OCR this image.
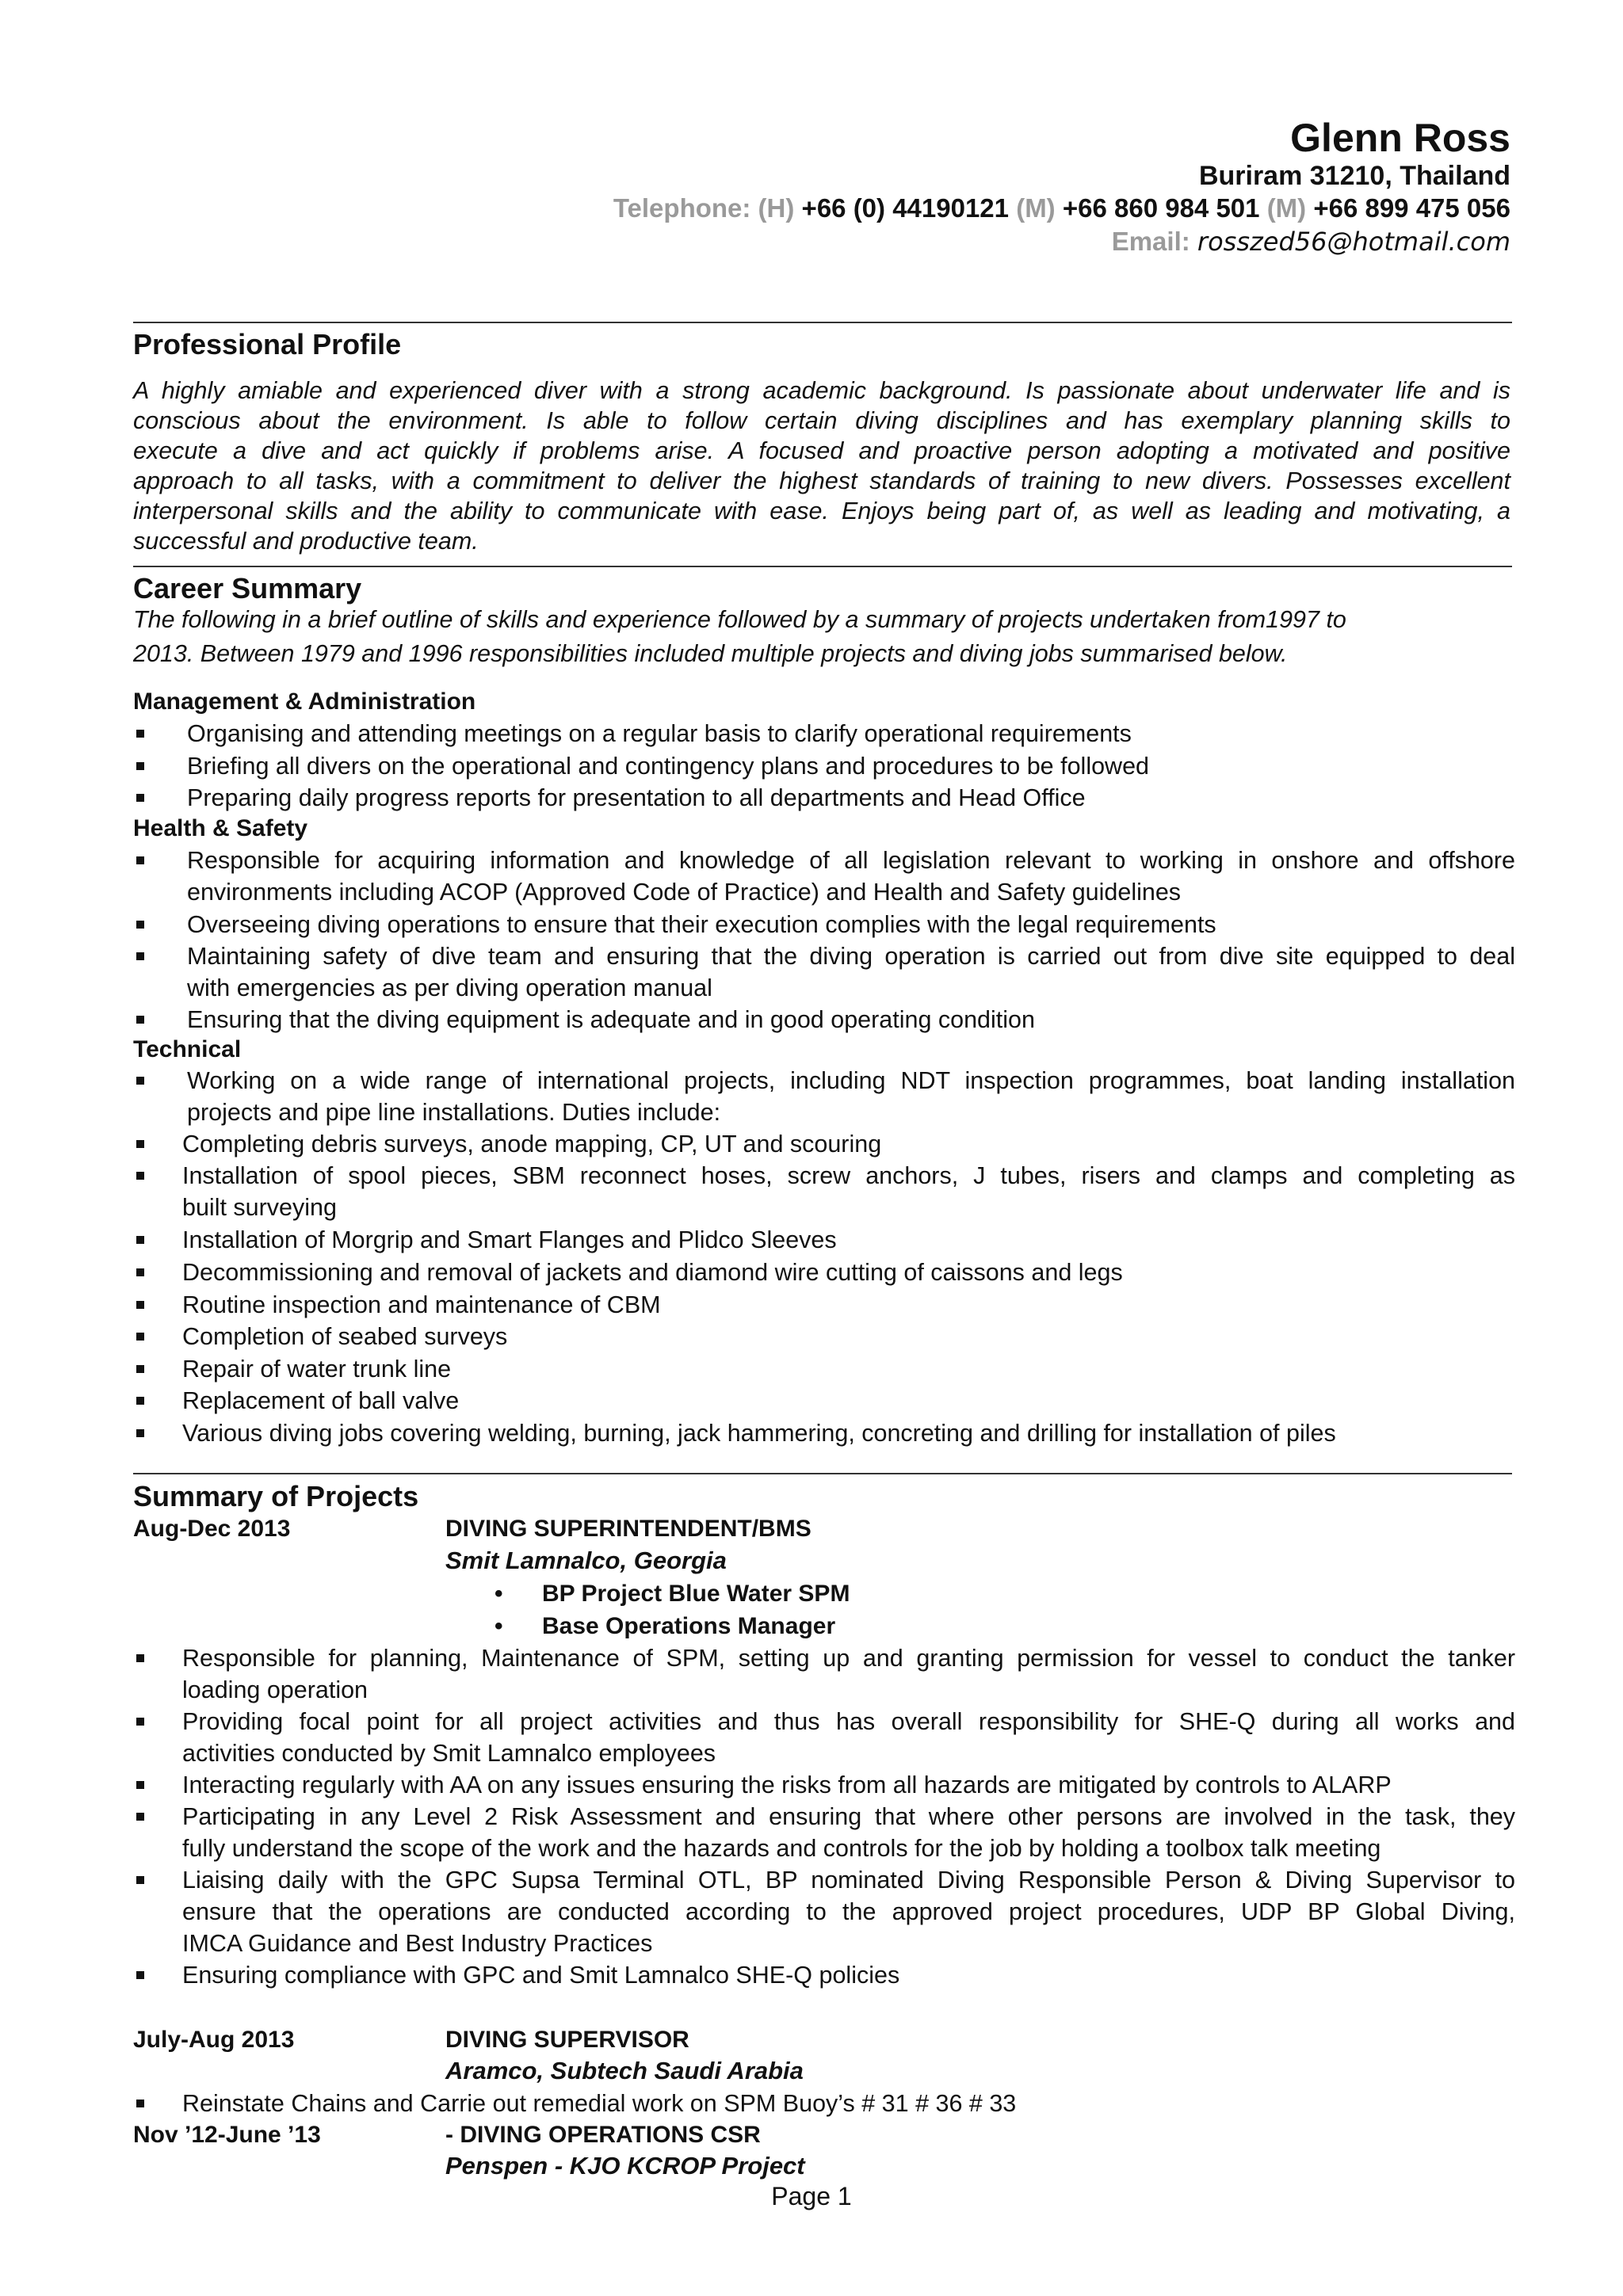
Glenn Ross
Buriram 31210, Thailand
Telephone: (H) +66 (0) 44190121 (M) +66 860 984 501 (M) +66 899 475 056
Email: rosszed56@hotmail.com
Professional Profile
A highly amiable and experienced diver with a strong academic background. Is passionate about underwater life and is
conscious about the environment. Is able to follow certain diving disciplines and has exemplary planning skills to
execute a dive and act quickly if problems arise. A focused and proactive person adopting a motivated and positive
approach to all tasks, with a commitment to deliver the highest standards of training to new divers. Possesses excellent
interpersonal skills and the ability to communicate with ease. Enjoys being part of, as well as leading and motivating, a
successful and productive team.
Career Summary
The following in a brief outline of skills and experience followed by a summary of projects undertaken from1997 to
2013. Between 1979 and 1996 responsibilities included multiple projects and diving jobs summarised below.
Management & Administration
Organising and attending meetings on a regular basis to clarify operational requirements
Briefing all divers on the operational and contingency plans and procedures to be followed
Preparing daily progress reports for presentation to all departments and Head Office
Health & Safety
Responsible for acquiring information and knowledge of all legislation relevant to working in onshore and offshore
environments including ACOP (Approved Code of Practice) and Health and Safety guidelines
Overseeing diving operations to ensure that their execution complies with the legal requirements
Maintaining safety of dive team and ensuring that the diving operation is carried out from dive site equipped to deal
with emergencies as per diving operation manual
Ensuring that the diving equipment is adequate and in good operating condition
Technical
Working on a wide range of international projects, including NDT inspection programmes, boat landing installation
projects and pipe line installations. Duties include:
Completing debris surveys, anode mapping, CP, UT and scouring
Installation of spool pieces, SBM reconnect hoses, screw anchors, J tubes, risers and clamps and completing as
built surveying
Installation of Morgrip and Smart Flanges and Plidco Sleeves
Decommissioning and removal of jackets and diamond wire cutting of caissons and legs
Routine inspection and maintenance of CBM
Completion of seabed surveys
Repair of water trunk line
Replacement of ball valve
Various diving jobs covering welding, burning, jack hammering, concreting and drilling for installation of piles
Summary of Projects
Aug-Dec 2013	DIVING SUPERINTENDENT/BMS
Smit Lamnalco, Georgia
• BP Project Blue Water SPM
• Base Operations Manager
Responsible for planning, Maintenance of SPM, setting up and granting permission for vessel to conduct the tanker
loading operation
Providing focal point for all project activities and thus has overall responsibility for SHE-Q during all works and
activities conducted by Smit Lamnalco employees
Interacting regularly with AA on any issues ensuring the risks from all hazards are mitigated by controls to ALARP
Participating in any Level 2 Risk Assessment and ensuring that where other persons are involved in the task, they
fully understand the scope of the work and the hazards and controls for the job by holding a toolbox talk meeting
Liaising daily with the GPC Supsa Terminal OTL, BP nominated Diving Responsible Person & Diving Supervisor to
ensure that the operations are conducted according to the approved project procedures, UDP BP Global Diving,
IMCA Guidance and Best Industry Practices
Ensuring compliance with GPC and Smit Lamnalco SHE-Q policies
July-Aug 2013	DIVING SUPERVISOR
Aramco, Subtech Saudi Arabia
Reinstate Chains and Carrie out remedial work on SPM Buoy’s # 31 # 36 # 33
Nov ’12-June ’13	- DIVING OPERATIONS CSR
Penspen - KJO KCROP Project
Page 1
